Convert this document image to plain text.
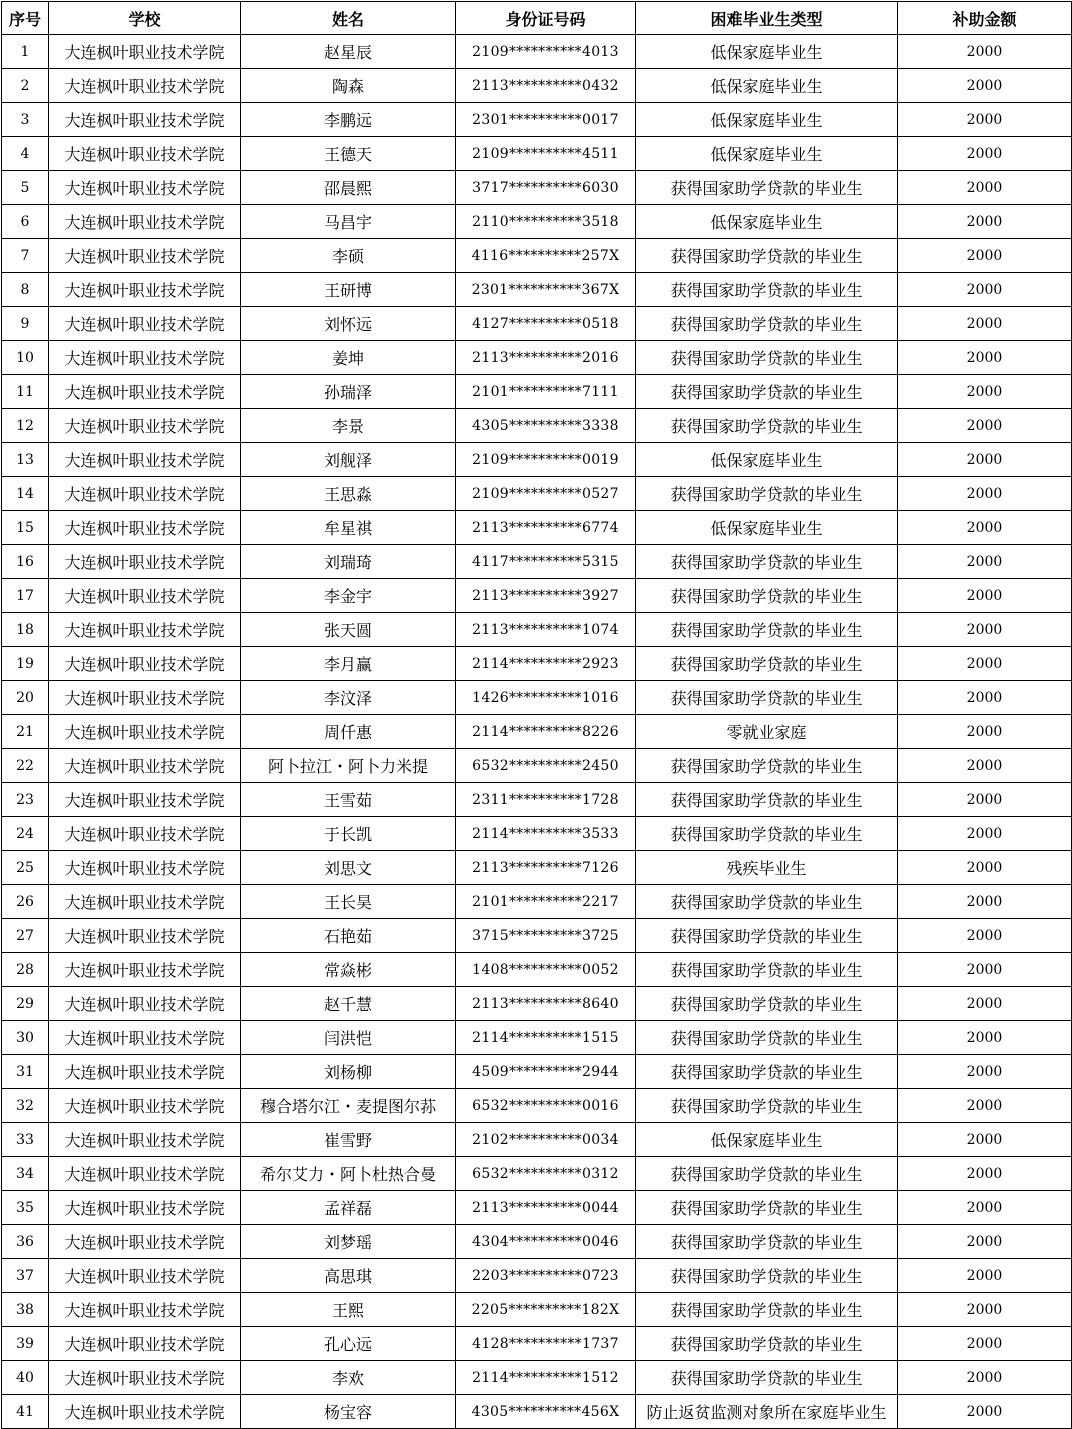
序号	学校	姓名	身份证号码	困难毕业生类型	补助金额
1	大连枫叶职业技术学院	赵星辰	2109**********4013	低保家庭毕业生	2000
2	大连枫叶职业技术学院	陶森	2113**********0432	低保家庭毕业生	2000
3	大连枫叶职业技术学院	李鹏远	2301**********0017	低保家庭毕业生	2000
4	大连枫叶职业技术学院	王德天	2109**********4511	低保家庭毕业生	2000
5	大连枫叶职业技术学院	邵晨熙	3717**********6030	获得国家助学贷款的毕业生	2000
6	大连枫叶职业技术学院	马昌宇	2110**********3518	低保家庭毕业生	2000
7	大连枫叶职业技术学院	李硕	4116**********257X	获得国家助学贷款的毕业生	2000
8	大连枫叶职业技术学院	王研博	2301**********367X	获得国家助学贷款的毕业生	2000
9	大连枫叶职业技术学院	刘怀远	4127**********0518	获得国家助学贷款的毕业生	2000
10	大连枫叶职业技术学院	姜坤	2113**********2016	获得国家助学贷款的毕业生	2000
11	大连枫叶职业技术学院	孙瑞泽	2101**********7111	获得国家助学贷款的毕业生	2000
12	大连枫叶职业技术学院	李景	4305**********3338	获得国家助学贷款的毕业生	2000
13	大连枫叶职业技术学院	刘舰泽	2109**********0019	低保家庭毕业生	2000
14	大连枫叶职业技术学院	王思淼	2109**********0527	获得国家助学贷款的毕业生	2000
15	大连枫叶职业技术学院	牟星祺	2113**********6774	低保家庭毕业生	2000
16	大连枫叶职业技术学院	刘瑞琦	4117**********5315	获得国家助学贷款的毕业生	2000
17	大连枫叶职业技术学院	李金宇	2113**********3927	获得国家助学贷款的毕业生	2000
18	大连枫叶职业技术学院	张天圆	2113**********1074	获得国家助学贷款的毕业生	2000
19	大连枫叶职业技术学院	李月赢	2114**********2923	获得国家助学贷款的毕业生	2000
20	大连枫叶职业技术学院	李汶泽	1426**********1016	获得国家助学贷款的毕业生	2000
21	大连枫叶职业技术学院	周仟惠	2114**********8226	零就业家庭	2000
22	大连枫叶职业技术学院	阿卜拉江・阿卜力米提	6532**********2450	获得国家助学贷款的毕业生	2000
23	大连枫叶职业技术学院	王雪茹	2311**********1728	获得国家助学贷款的毕业生	2000
24	大连枫叶职业技术学院	于长凯	2114**********3533	获得国家助学贷款的毕业生	2000
25	大连枫叶职业技术学院	刘思文	2113**********7126	残疾毕业生	2000
26	大连枫叶职业技术学院	王长昊	2101**********2217	获得国家助学贷款的毕业生	2000
27	大连枫叶职业技术学院	石艳茹	3715**********3725	获得国家助学贷款的毕业生	2000
28	大连枫叶职业技术学院	常焱彬	1408**********0052	获得国家助学贷款的毕业生	2000
29	大连枫叶职业技术学院	赵千慧	2113**********8640	获得国家助学贷款的毕业生	2000
30	大连枫叶职业技术学院	闫洪恺	2114**********1515	获得国家助学贷款的毕业生	2000
31	大连枫叶职业技术学院	刘杨柳	4509**********2944	获得国家助学贷款的毕业生	2000
32	大连枫叶职业技术学院	穆合塔尔江・麦提图尔荪	6532**********0016	获得国家助学贷款的毕业生	2000
33	大连枫叶职业技术学院	崔雪野	2102**********0034	低保家庭毕业生	2000
34	大连枫叶职业技术学院	希尔艾力・阿卜杜热合曼	6532**********0312	获得国家助学贷款的毕业生	2000
35	大连枫叶职业技术学院	孟祥磊	2113**********0044	获得国家助学贷款的毕业生	2000
36	大连枫叶职业技术学院	刘梦瑶	4304**********0046	获得国家助学贷款的毕业生	2000
37	大连枫叶职业技术学院	高思琪	2203**********0723	获得国家助学贷款的毕业生	2000
38	大连枫叶职业技术学院	王熙	2205**********182X	获得国家助学贷款的毕业生	2000
39	大连枫叶职业技术学院	孔心远	4128**********1737	获得国家助学贷款的毕业生	2000
40	大连枫叶职业技术学院	李欢	2114**********1512	获得国家助学贷款的毕业生	2000
41	大连枫叶职业技术学院	杨宝容	4305**********456X	防止返贫监测对象所在家庭毕业生	2000
